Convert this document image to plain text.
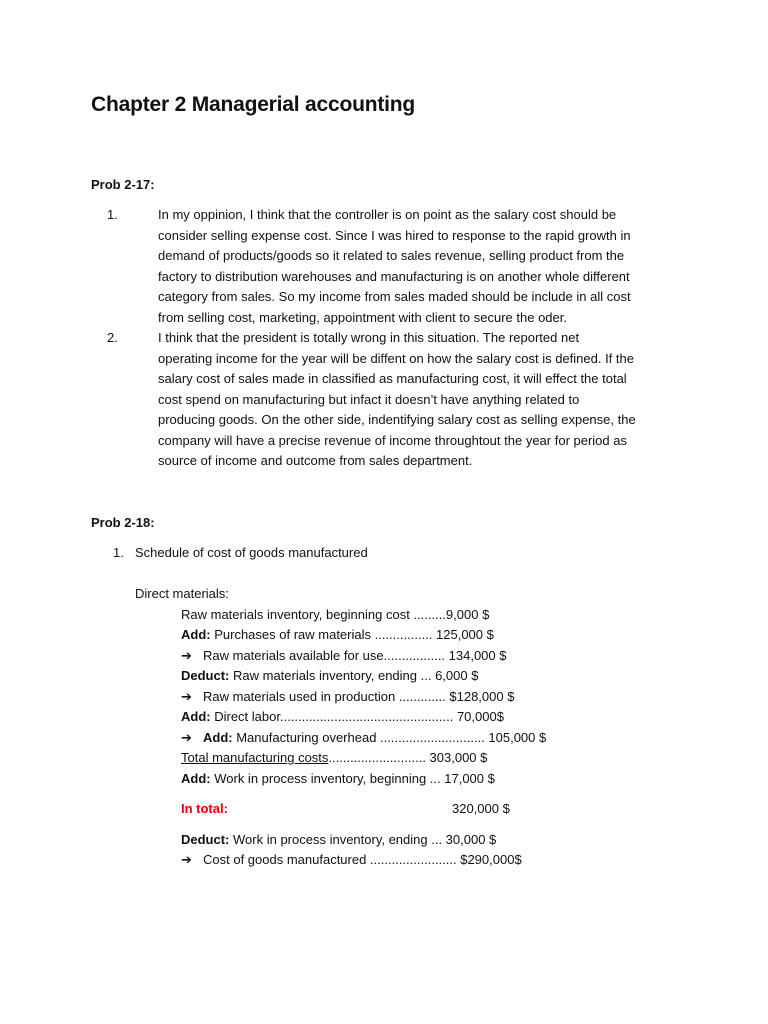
Chapter 2 Managerial accounting
Prob 2-17:
1.	In my oppinion, I think that the controller is on point as the salary cost should be
consider selling expense cost. Since I was hired to response to the rapid growth in
demand of products/goods so it related to sales revenue, selling product from the
factory to distribution warehouses and manufacturing is on another whole different
category from sales. So my income from sales maded should be include in all cost
from selling cost, marketing, appointment with client to secure the oder.
2.	I think that the president is totally wrong in this situation. The reported net
operating income for the year will be diffent on how the salary cost is defined. If the
salary cost of sales made in classified as manufacturing cost, it will effect the total
cost spend on manufacturing but infact it doesn’t have anything related to
producing goods. On the other side, indentifying salary cost as selling expense, the
company will have a precise revenue of income throughtout the year for period as
source of income and outcome from sales department.
Prob 2-18:
1. Schedule of cost of goods manufactured
Direct materials:
Raw materials inventory, beginning cost .........9,000 $
Add: Purchases of raw materials ................ 125,000 $
➔ Raw materials available for use................. 134,000 $
Deduct: Raw materials inventory, ending ... 6,000 $
➔ Raw materials used in production ............. $128,000 $
Add: Direct labor................................................ 70,000$
➔ Add: Manufacturing overhead ............................. 105,000 $
Total manufacturing costs........................... 303,000 $
Add: Work in process inventory, beginning ... 17,000 $
In total:	320,000 $
Deduct: Work in process inventory, ending ... 30,000 $
➔ Cost of goods manufactured ........................ $290,000$
